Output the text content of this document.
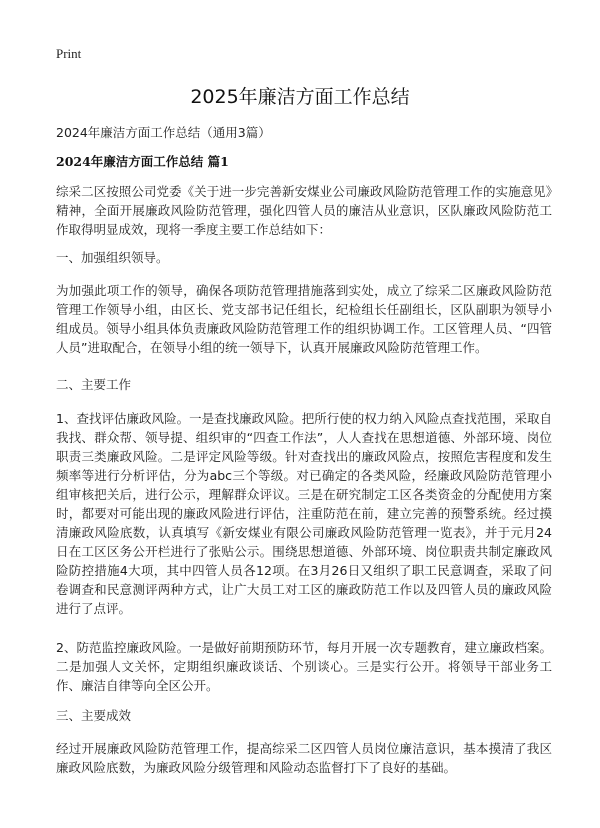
Print
2025年廉洁方面工作总结
2024年廉洁方面工作总结（通用3篇）
2024年廉洁方面工作总结 篇1

综采二区按照公司党委《关于进一步完善新安煤业公司廉政风险防范管理工作的实施意见》精神，全面开展廉政风险防范管理，强化四管人员的廉洁从业意识，区队廉政风险防范工作取得明显成效，现将一季度主要工作总结如下：

一、加强组织领导。

为加强此项工作的领导，确保各项防范管理措施落到实处，成立了综采二区廉政风险防范管理工作领导小组，由区长、党支部书记任组长，纪检组长任副组长，区队副职为领导小组成员。领导小组具体负责廉政风险防范管理工作的组织协调工作。工区管理人员、“四管人员”进取配合，在领导小组的统一领导下，认真开展廉政风险防范管理工作。

二、主要工作

1、查找评估廉政风险。一是查找廉政风险。把所行使的权力纳入风险点查找范围，采取自我找、群众帮、领导提、组织审的“四查工作法”，人人查找在思想道德、外部环境、岗位职责三类廉政风险。二是评定风险等级。针对查找出的廉政风险点，按照危害程度和发生频率等进行分析评估，分为abc三个等级。对已确定的各类风险，经廉政风险防范管理小组审核把关后，进行公示，理解群众评议。三是在研究制定工区各类资金的分配使用方案时，都要对可能出现的廉政风险进行评估，注重防范在前，建立完善的预警系统。经过摸清廉政风险底数，认真填写《新安煤业有限公司廉政风险防范管理一览表》，并于元月24日在工区区务公开栏进行了张贴公示。围绕思想道德、外部环境、岗位职责共制定廉政风险防控措施4大项，其中四管人员各12项。在3月26日又组织了职工民意调查，采取了问卷调查和民意测评两种方式，让广大员工对工区的廉政防范工作以及四管人员的廉政风险进行了点评。

2、防范监控廉政风险。一是做好前期预防环节，每月开展一次专题教育，建立廉政档案。二是加强人文关怀，定期组织廉政谈话、个别谈心。三是实行公开。将领导干部业务工作、廉洁自律等向全区公开。

三、主要成效

经过开展廉政风险防范管理工作，提高综采二区四管人员岗位廉洁意识，基本摸清了我区廉政风险底数，为廉政风险分级管理和风险动态监督打下了良好的基础。
